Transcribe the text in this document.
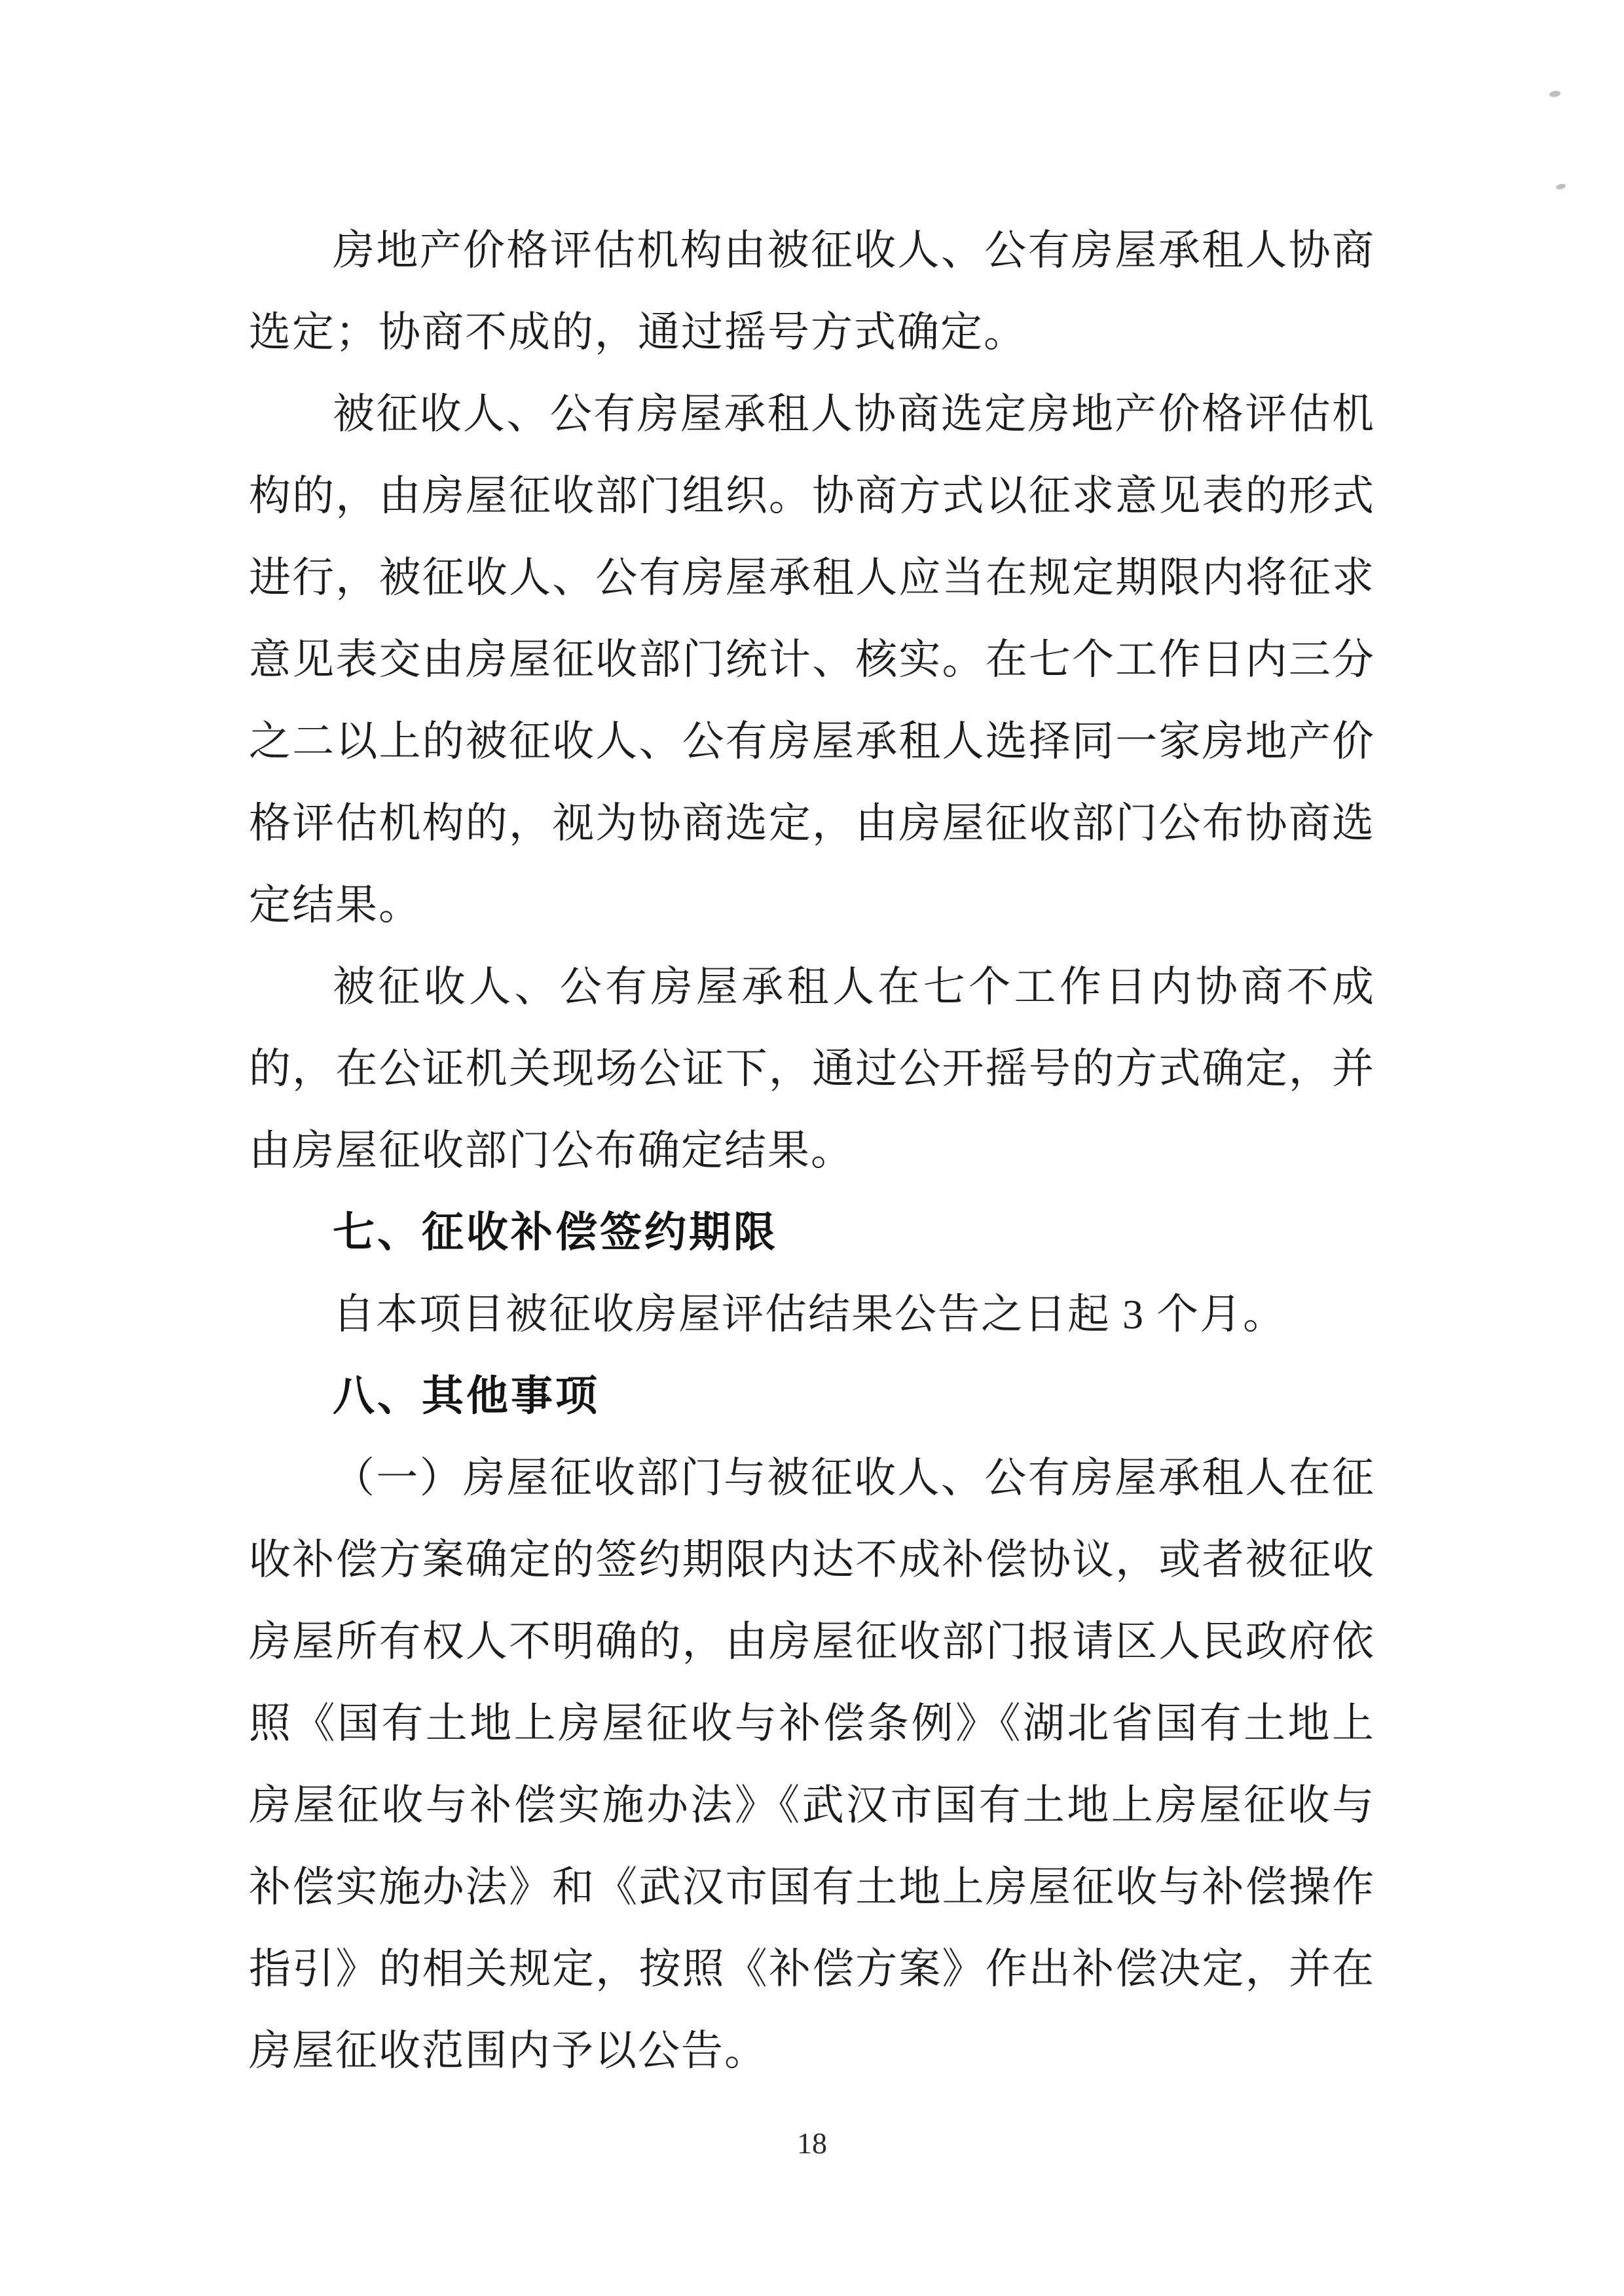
房地产价格评估机构由被征收人、公有房屋承租人协商
选定；协商不成的，通过摇号方式确定。
被征收人、公有房屋承租人协商选定房地产价格评估机
构的，由房屋征收部门组织。协商方式以征求意见表的形式
进行，被征收人、公有房屋承租人应当在规定期限内将征求
意见表交由房屋征收部门统计、核实。在七个工作日内三分
之二以上的被征收人、公有房屋承租人选择同一家房地产价
格评估机构的，视为协商选定，由房屋征收部门公布协商选
定结果。
被征收人、公有房屋承租人在七个工作日内协商不成
的，在公证机关现场公证下，通过公开摇号的方式确定，并
由房屋征收部门公布确定结果。
七、征收补偿签约期限
自本项目被征收房屋评估结果公告之日起 3 个月。
八、其他事项
（一）房屋征收部门与被征收人、公有房屋承租人在征
收补偿方案确定的签约期限内达不成补偿协议，或者被征收
房屋所有权人不明确的，由房屋征收部门报请区人民政府依
照《国有土地上房屋征收与补偿条例》《湖北省国有土地上
房屋征收与补偿实施办法》《武汉市国有土地上房屋征收与
补偿实施办法》和《武汉市国有土地上房屋征收与补偿操作
指引》的相关规定，按照《补偿方案》作出补偿决定，并在
房屋征收范围内予以公告。
18
